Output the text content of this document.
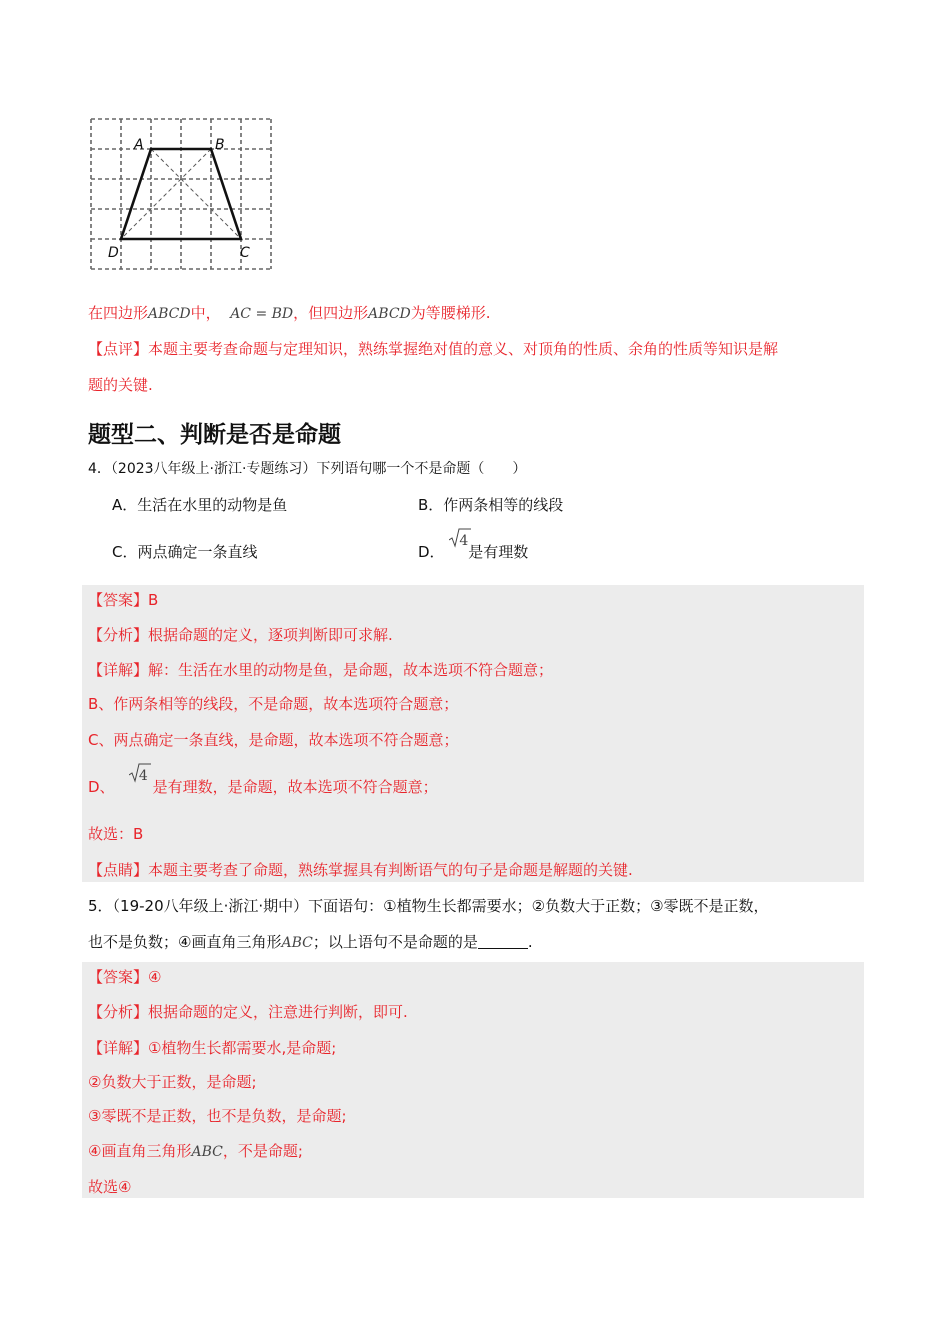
A	B
C
D
在四边形ABCD中， AC = BD，但四边形ABCD为等腰梯形.
【点评】本题主要考查命题与定理知识，熟练掌握绝对值的意义、对顶角的性质、余角的性质等知识是解
题的关键.
题型二、判断是否是命题
4．（2023八年级上·浙江·专题练习）下列语句哪一个不是命题（　　）
A．生活在水里的动物是鱼	B．作两条相等的线段
C．两点确定一条直线	D．
4是有理数
【答案】B
【分析】根据命题的定义，逐项判断即可求解.
【详解】解：生活在水里的动物是鱼，是命题，故本选项不符合题意；
B、作两条相等的线段，不是命题，故本选项符合题意；
C、两点确定一条直线，是命题，故本选项不符合题意；
D、
4 是有理数，是命题，故本选项不符合题意；
故选：B
【点睛】本题主要考查了命题，熟练掌握具有判断语气的句子是命题是解题的关键.
5．（19-20八年级上·浙江·期中）下面语句：①植物生长都需要水；②负数大于正数；③零既不是正数，
也不是负数；④画直角三角形ABC；以上语句不是命题的是	.
【答案】④
【分析】根据命题的定义，注意进行判断，即可.
【详解】①植物生长都需要水,是命题;
②负数大于正数，是命题;
③零既不是正数，也不是负数，是命题;
④画直角三角形ABC，不是命题;
故选④
